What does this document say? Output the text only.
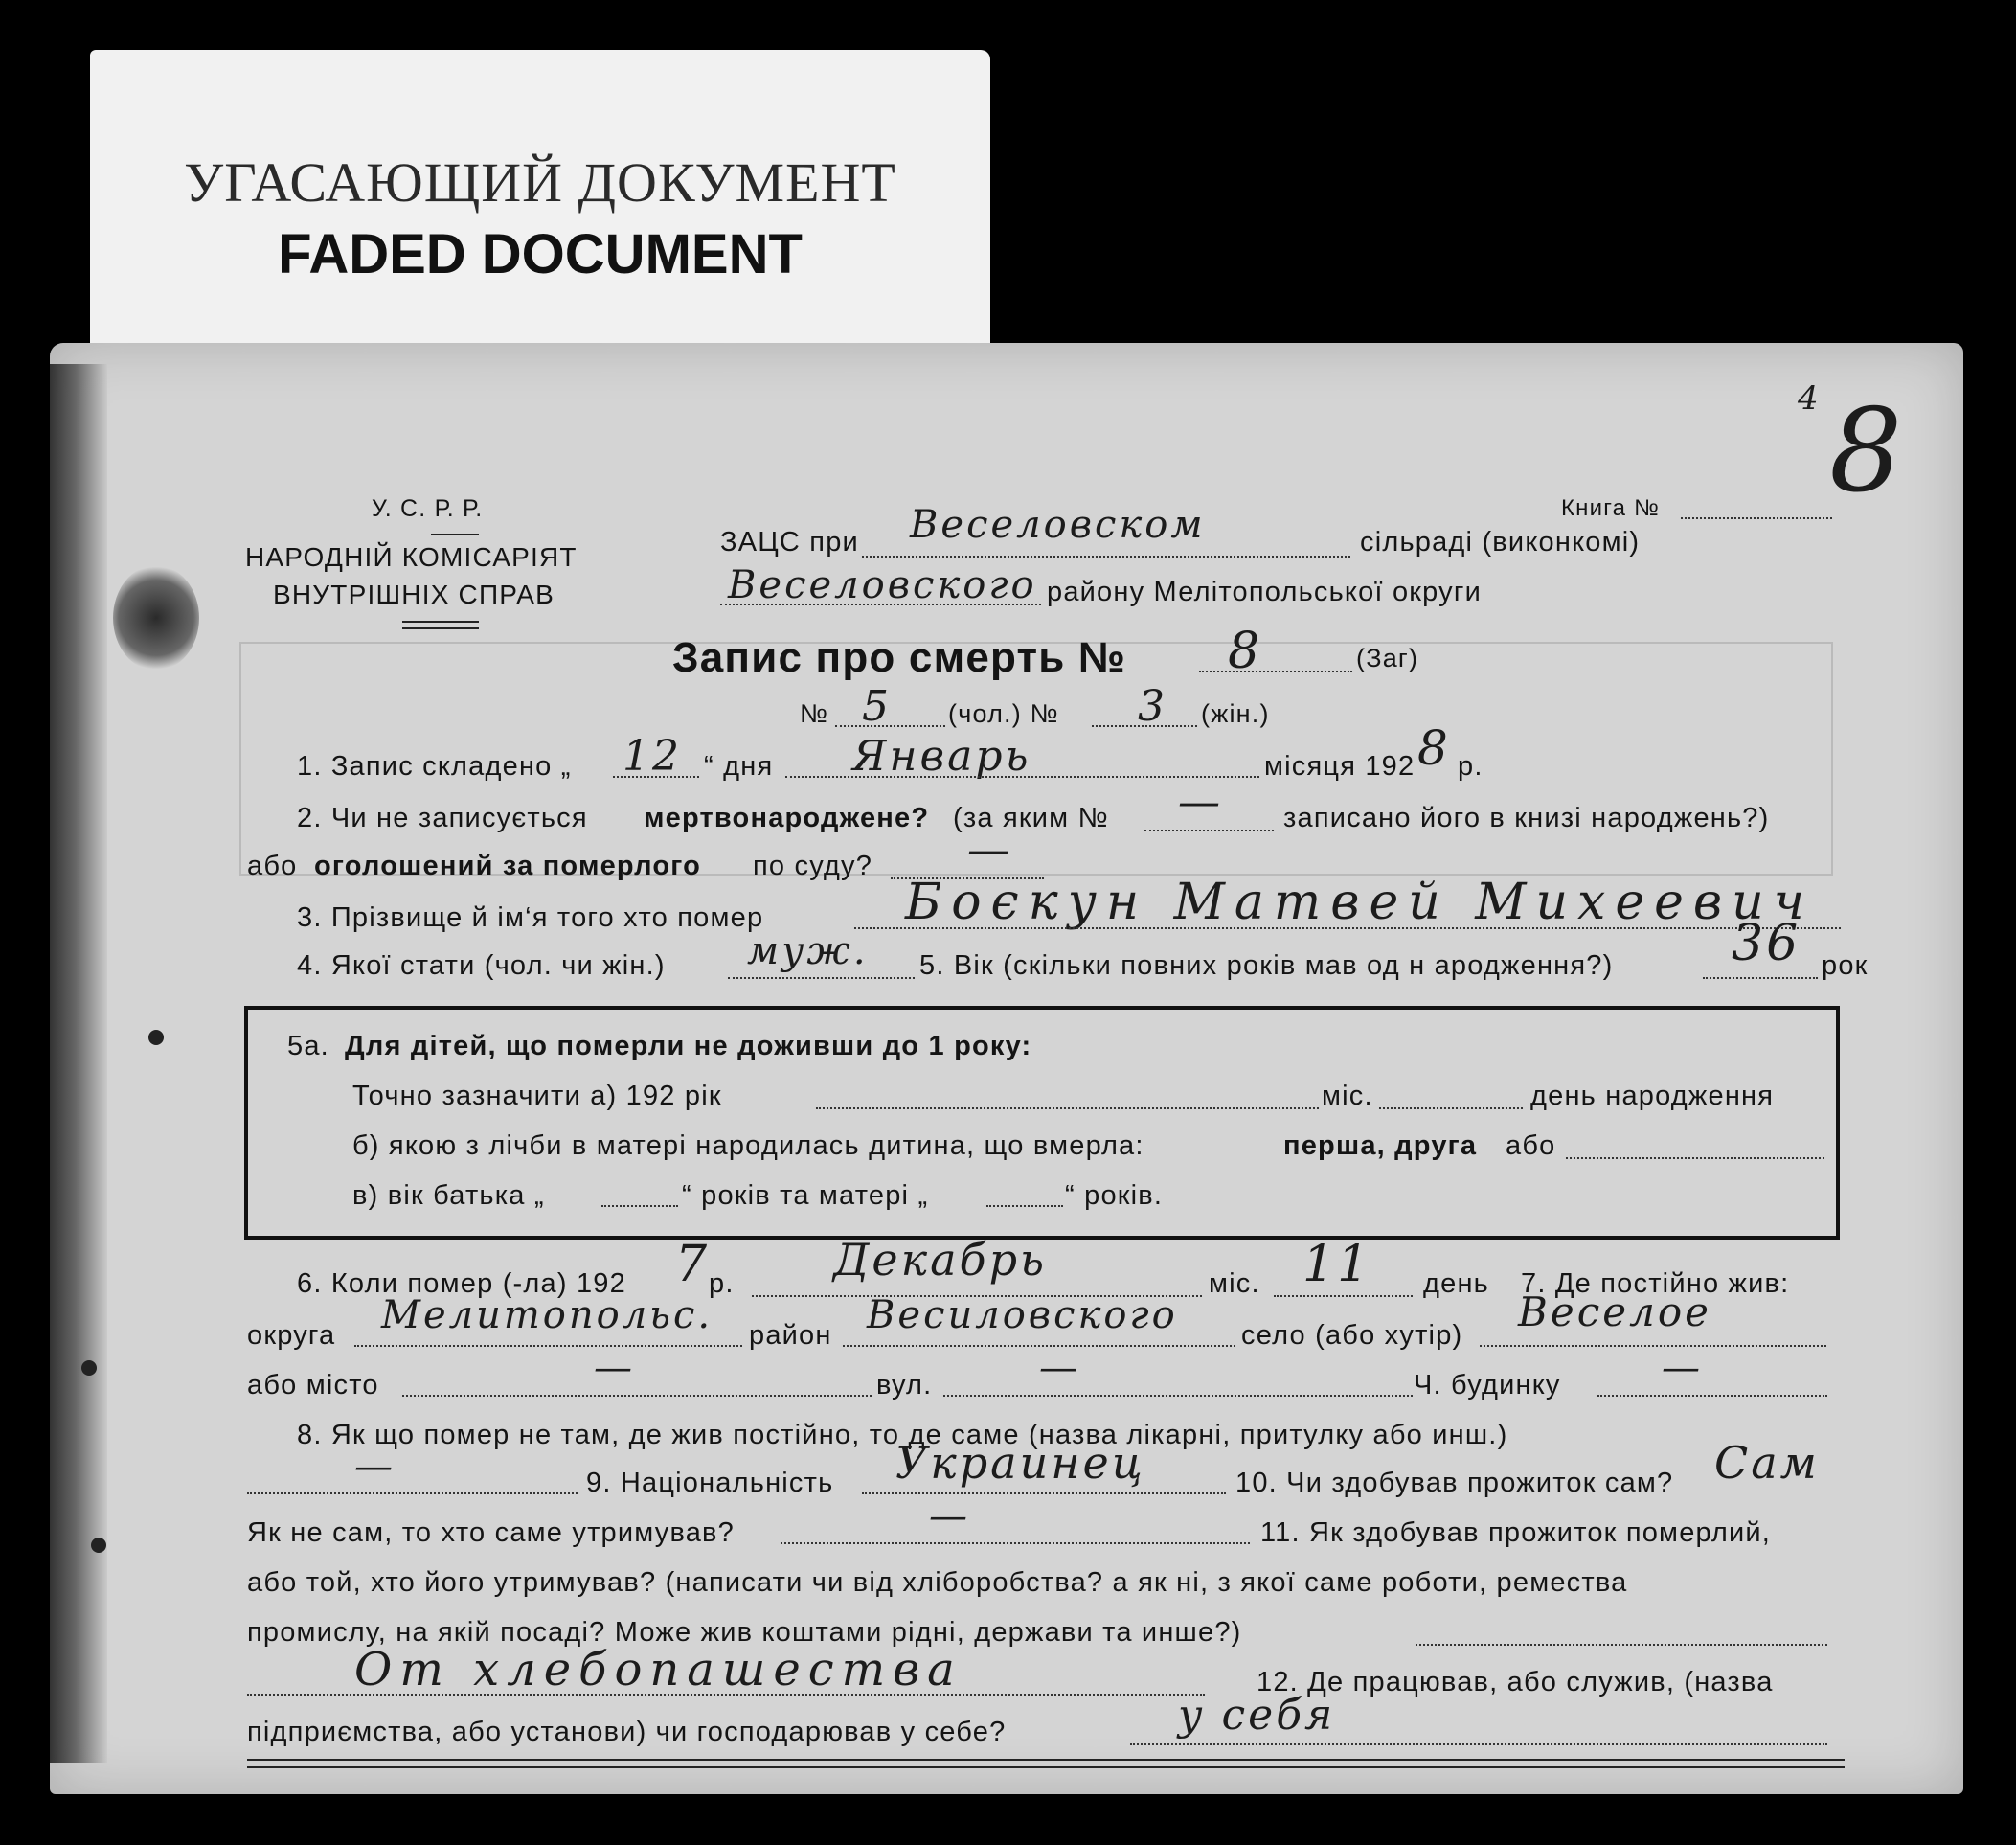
УГАСАЮЩИЙ ДОКУМЕНТ
FADED DOCUMENT
4 8
У. С. Р. Р.
НАРОДНІЙ КОМІСАРІЯТ
ВНУТРІШНІХ СПРАВ
Книга №
ЗАЦС при Веселовском	сільраді (виконкомі)
Веселовского району Мелітопольської округи
Запис про смерть № 8	(Заг)
№ 5 (чол.) № 3 (жін.)
1. Запис складено „ 12 “ дня Январь	місяця 192 8 р.
2. Чи не записується мертвонароджене? (за яким № — записано його в книзі народжень?)
або оголошений за померлого по суду? —
3. Прізвище й ім‘я того хто помер	Боєкун Матвей Михеевич
4. Якої стати (чол. чи жін.) муж. 5. Вік (скільки повних років мав од н ародження?) 36 рок
5а. Для дітей, що померли не доживши до 1 року:
Точно зазначити а) 192 рік	міс.	день народження
б) якою з лічби в матері народилась дитина, що вмерла:	перша, друга або
в) вік батька „	“ років та матері „	“ років.
6. Коли помер (-ла) 192 7
р. Декабрь	міс. 11 день 7. Де постійно жив:
округа Мелитопольс. район Весиловского село (або хутір) Веселое
або місто	—	вул.	—	Ч. будинку	—
8. Як що помер не там, де жив постійно, то де саме (назва лікарні, притулку або инш.)
—	9. Національність Украинец	10. Чи здобував прожиток сам? Сам
Як не сам, то хто саме утримував?	—	11. Як здобував прожиток померлий,
або той, хто його утримував? (написати чи від хліборобства? а як ні, з якої саме роботи, ремества
промислу, на якій посаді? Може жив коштами рідні, держави та инше?)
От хлебопашества	12. Де працював, або служив, (назва
підприємства, або установи) чи господарював у себе?	у себя
